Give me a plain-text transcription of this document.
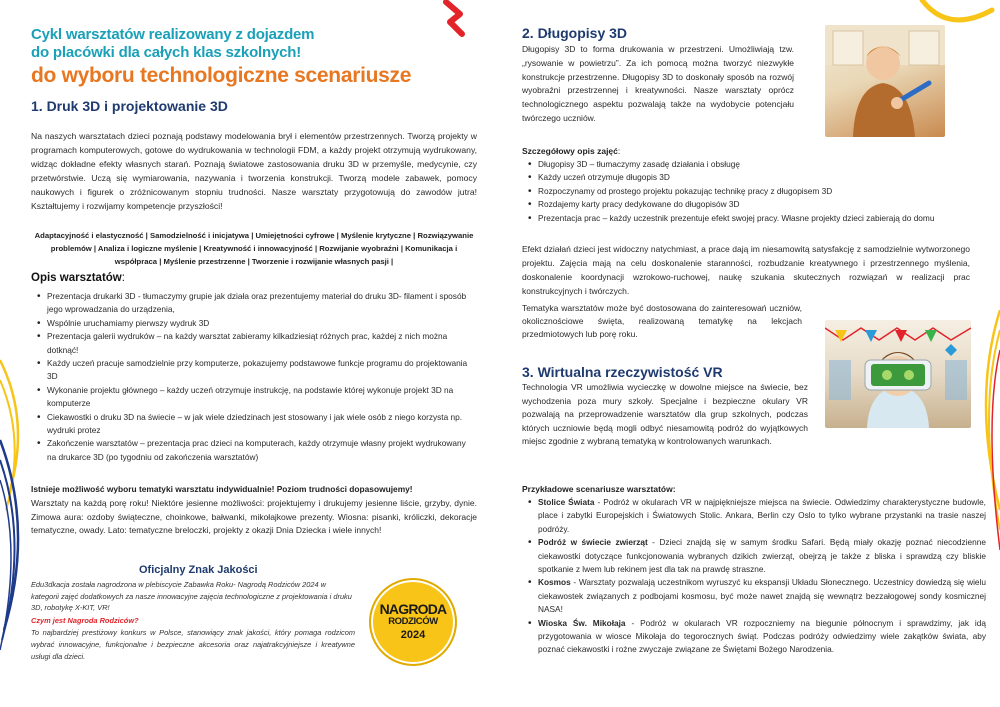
Cykl warsztatów realizowany z dojazdem
do placówki dla całych klas szkolnych!
do wyboru technologiczne scenariusze
1. Druk 3D i projektowanie 3D

Na naszych warsztatach dzieci poznają podstawy modelowania brył i elementów przestrzennych. Tworzą projekty w programach komputerowych, gotowe do wydrukowania w technologii FDM, a każdy projekt otrzymują wydrukowany, widząc dokładne efekty własnych starań. Poznają światowe zastosowania druku 3D w przemyśle, medycynie, czy przetwórstwie. Uczą się wymiarowania, nazywania i tworzenia konstrukcji. Tworzą modele zabawek, pomocy naukowych i figurek o zróżnicowanym stopniu trudności. Nasze warsztaty przygotowują do zawodów jutra! Kształtujemy i rozwijamy kompetencje przyszłości!

Adaptacyjność i elastyczność | Samodzielność i inicjatywa | Umiejętności cyfrowe | Myślenie krytyczne | Rozwiązywanie problemów | Analiza i logiczne myślenie | Kreatywność i innowacyjność | Rozwijanie wyobraźni | Komunikacja i współpraca | Myślenie przestrzenne | Tworzenie i rozwijanie własnych pasji |

Opis warsztatów:
• Prezentacja drukarki 3D - tłumaczymy grupie jak działa oraz prezentujemy materiał do druku 3D- filament i sposób jego wprowadzania do urządzenia,
• Wspólnie uruchamiamy pierwszy wydruk 3D
• Prezentacja galerii wydruków – na każdy warsztat zabieramy kilkadziesiąt różnych prac, każdej z nich można dotknąć!
• Każdy uczeń pracuje samodzielnie przy komputerze, pokazujemy podstawowe funkcje programu do projektowania 3D
• Wykonanie projektu głównego – każdy uczeń otrzymuje instrukcję, na podstawie której wykonuje projekt 3D na komputerze
• Ciekawostki o druku 3D na świecie – w jak wiele dziedzinach jest stosowany i jak wiele osób z niego korzysta np. wydruki protez
• Zakończenie warsztatów – prezentacja prac dzieci na komputerach, każdy otrzymuje własny projekt wydrukowany na drukarce 3D (po tygodniu od zakończenia warsztatów)

Istnieje możliwość wyboru tematyki warsztatu indywidualnie! Poziom trudności dopasowujemy!

Warsztaty na każdą porę roku! Niektóre jesienne możliwości: projektujemy i drukujemy jesienne liście, grzyby, dynie. Zimowa aura: ozdoby świąteczne, choinkowe, bałwanki, mikołajkowe prezenty. Wiosna: pisanki, króliczki, dekoracje tematyczne, owady. Lato: tematyczne breloczki, projekty z okazji Dnia Dziecka i wiele innych!

Oficjalny Znak Jakości

Edu3dkacja została nagrodzona w plebiscycie Zabawka Roku- Nagrodą Rodziców 2024 w kategorii zajęć dodatkowych za nasze innowacyjne zajęcia technologiczne z projektowania i druku 3D, robotykę X-KIT, VR!

Czym jest Nagroda Rodziców?

To najbardziej prestiżowy konkurs w Polsce, stanowiący znak jakości, który pomaga rodzicom wybrać innowacyjne, funkcjonalne i bezpieczne akcesoria oraz najatrakcyjniejsze i kreatywne usługi dla dzieci.

NAGRODA
RODZICÓW
2024
2. Długopisy 3D

Długopisy 3D to forma drukowania w przestrzeni. Umożliwiają tzw. „rysowanie w powietrzu”. Za ich pomocą można tworzyć niezwykłe konstrukcje przestrzenne. Długopisy 3D to doskonały sposób na rozwój wyobraźni przestrzennej i kreatywności. Nasze warsztaty oprócz technologicznego aspektu pozwalają także na wydobycie potencjału twórczego uczniów.

Szczegółowy opis zajęć:
• Długopisy 3D – tłumaczymy zasadę działania i obsługę
• Każdy uczeń otrzymuje długopis 3D
• Rozpoczynamy od prostego projektu pokazując technikę pracy z długopisem 3D
• Rozdajemy karty pracy dedykowane do długopisów 3D
• Prezentacja prac – każdy uczestnik prezentuje efekt swojej pracy. Własne projekty dzieci zabierają do domu

Efekt działań dzieci jest widoczny natychmiast, a prace dają im niesamowitą satysfakcję z samodzielnie wytworzonego projektu. Zajęcia mają na celu doskonalenie staranności, rozbudzanie kreatywnego i przestrzennego myślenia, doskonalenie koordynacji wzrokowo-ruchowej, naukę szukania skutecznych rozwiązań w realizacji prac konstrukcyjnych i twórczych.

Tematyka warsztatów może być dostosowana do zainteresowań uczniów, okolicznościowe święta, realizowaną tematykę na lekcjach przedmiotowych lub porę roku.

3. Wirtualna rzeczywistość VR

Technologia VR umożliwia wycieczkę w dowolne miejsce na świecie, bez wychodzenia poza mury szkoły. Specjalne i bezpieczne okulary VR pozwalają na przeprowadzenie warsztatów dla grup szkolnych, podczas których uczniowie będą mogli odbyć niesamowitą podróż do wyjątkowych miejsc zgodnie z wybraną tematyką w kontrolowanych warunkach.

Przykładowe scenariusze warsztatów:
• Stolice Świata - Podróż w okularach VR w najpiękniejsze miejsca na świecie. Odwiedzimy charakterystyczne budowle, place i zabytki Europejskich i Światowych Stolic. Ankara, Berlin czy Oslo to tylko wybrane przystanki na trasie naszej podróży.
• Podróż w świecie zwierząt - Dzieci znajdą się w samym środku Safari. Będą miały okazję poznać niecodzienne ciekawostki dotyczące funkcjonowania wybranych dzikich zwierząt, obejrzą je także z bliska i sprawdzą czy bliskie spotkanie z lwem lub rekinem jest dla tak na prawdę straszne.
• Kosmos - Warsztaty pozwalają uczestnikom wyruszyć ku ekspansji Układu Słonecznego. Uczestnicy dowiedzą się wielu ciekawostek związanych z podbojami kosmosu, być może nawet znajdą się wewnątrz bezzałogowej sondy kosmicznej NASA!
• Wioska Św. Mikołaja - Podróż w okularach VR rozpoczniemy na biegunie północnym i sprawdzimy, jak idą przygotowania w wiosce Mikołaja do tegorocznych świąt. Podczas podróży odwiedzimy wiele zakątków świata, aby poznać ciekawostki i rożne zwyczaje związane ze Świętami Bożego Narodzenia.
